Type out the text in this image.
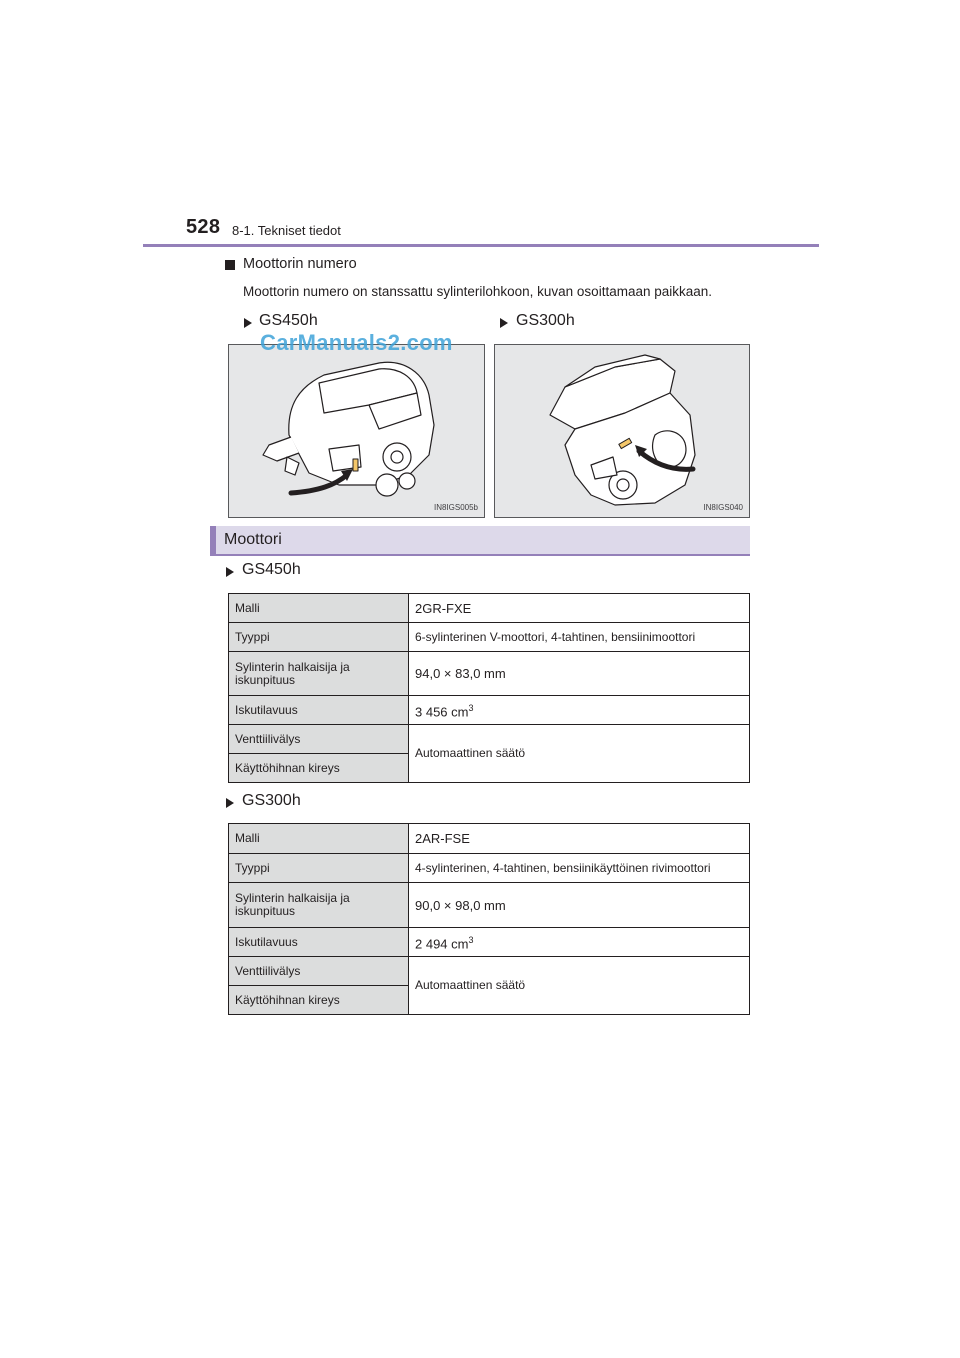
528 8-1. Tekniset tiedot
Moottorin numero
Moottorin numero on stanssattu sylinterilohkoon, kuvan osoittamaan paikkaan.
GS450h	GS300h
IN8IGS005b	IN8IGS040
CarManuals2.com
Moottori
GS450h
Malli	2GR-FXE
Tyyppi	6-sylinterinen V-moottori, 4-tahtinen, bensiinimoottori
Sylinterin halkaisija ja iskunpituus	94,0 × 83,0 mm
Iskutilavuus	3 456 $cm^3$
Venttiilivälys	Automaattinen säätö
Käyttöhihnan kireys	
GS300h
Malli	2AR-FSE
Tyyppi	4-sylinterinen, 4-tahtinen, bensiinikäyttöinen rivimoottori
Sylinterin halkaisija ja iskunpituus	90,0 × 98,0 mm
Iskutilavuus	2 494 $cm^3$
Venttiilivälys	Automaattinen säätö
Käyttöhihnan kireys	
